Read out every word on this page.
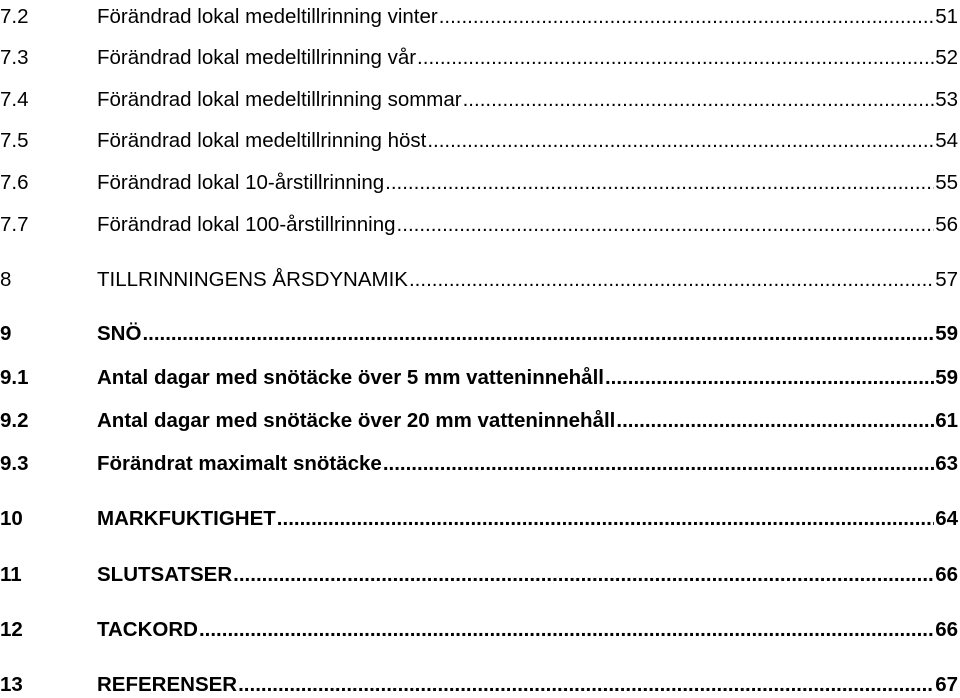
7.2	Förändrad lokal medeltillrinning vinter .....	51
7.3	Förändrad lokal medeltillrinning vår .....	52
7.4	Förändrad lokal medeltillrinning sommar .....	53
7.5	Förändrad lokal medeltillrinning höst .....	54
7.6	Förändrad lokal 10-årstillrinning .....	55
7.7	Förändrad lokal 100-årstillrinning .....	56
8	TILLRINNINGENS ÅRSDYNAMIK .....	57
9	SNÖ .....	59
9.1	Antal dagar med snötäcke över 5 mm vatteninnehåll .....	59
9.2	Antal dagar med snötäcke över 20 mm vatteninnehåll .....	61
9.3	Förändrat maximalt snötäcke .....	63
10	MARKFUKTIGHET .....	64
11	SLUTSATSER .....	66
12	TACKORD .....	66
13	REFERENSER .....	67
